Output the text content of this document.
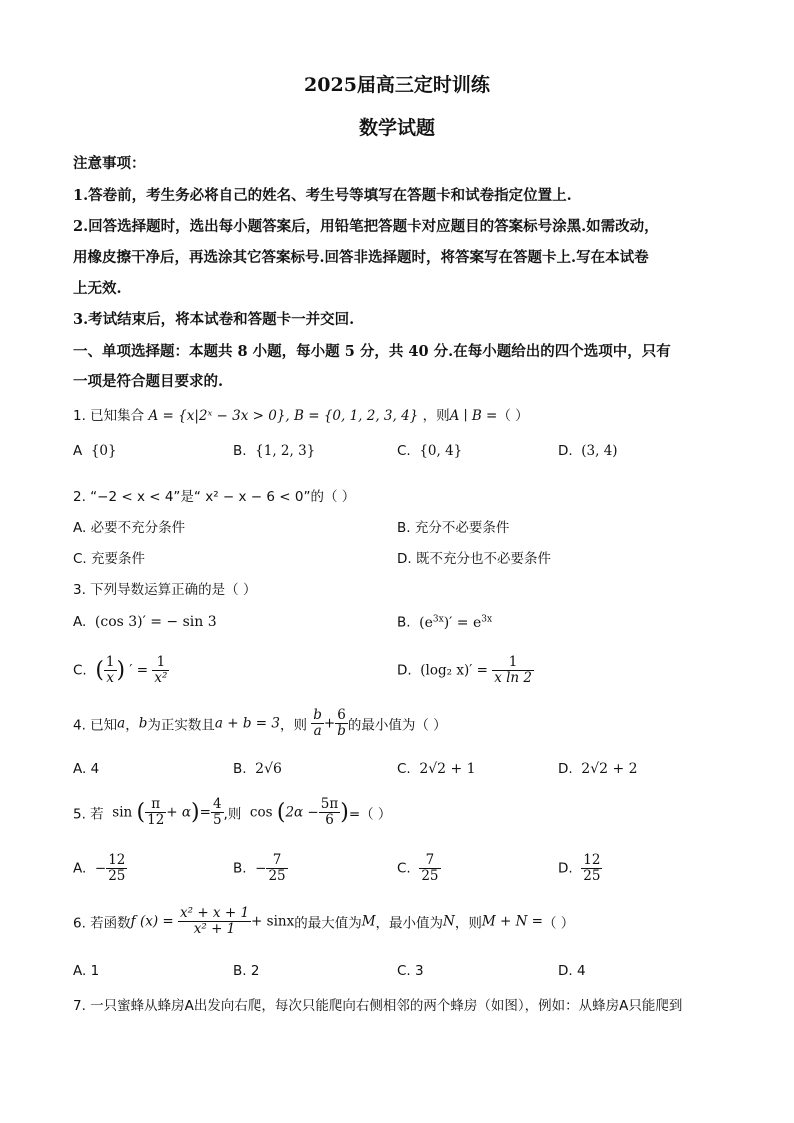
2025届高三定时训练
数学试题
注意事项：
1.答卷前，考生务必将自己的姓名、考生号等填写在答题卡和试卷指定位置上.
2.回答选择题时，选出每小题答案后，用铅笔把答题卡对应题目的答案标号涂黑.如需改动，
用橡皮擦干净后，再选涂其它答案标号.回答非选择题时，将答案写在答题卡上.写在本试卷
上无效.
3.考试结束后，将本试卷和答题卡一并交回.
一、单项选择题：本题共 8 小题，每小题 5 分，共 40 分.在每小题给出的四个选项中，只有
一项是符合题目要求的.
1. 已知集合 A = {x|2ˣ − 3x > 0}, B = {0, 1, 2, 3, 4} ，则A ∣ B =（ ）
A {0}	B. {1, 2, 3}	C. {0, 4}	D. (3, 4)
2. “−2 < x < 4”是“ x² − x − 6 < 0”的（ ）
A. 必要不充分条件	B. 充分不必要条件
C. 充要条件	D. 既不充分也不必要条件
3. 下列导数运算正确的是（ ）
A. (cos 3)′ = − sin 3	B. $(e^{3x})' = e^{3x}$
C. ( $\frac{1}{x}$ ) ′ = $\frac{1}{\text{x²}}$	D. (log₂ $x)' = \frac{1}{\text{x ln 2}}$
4. 已知a，b为正实数且a + b = 3，则 $\frac{b}{a} + \frac{6}{b}$ 的最小值为（ ）
A. 4	B. 2√6	C. 2√2 + 1	D. 2√2 + 2
5. 若 sin ( $\frac{\pi}{12} + \alpha)= \frac{4}{5}$ ,则 $\cos (2\alpha - \frac{5\pi}{6}$ )=（ ）
A. − $\frac{12}{25}$	B. − $\frac{7}{25}$	C. $\frac{7}{25}$	D. $\frac{12}{25}$
6. 若函数f $(x) = \frac{\text{x² + x + 1}}{\text{x² + 1}} + \sin x$的最大值为M，最小值为N，则M + N =（ ）
A. 1	B. 2	C. 3	D. 4
7. 一只蜜蜂从蜂房A出发向右爬，每次只能爬向右侧相邻的两个蜂房（如图），例如：从蜂房A只能爬到
